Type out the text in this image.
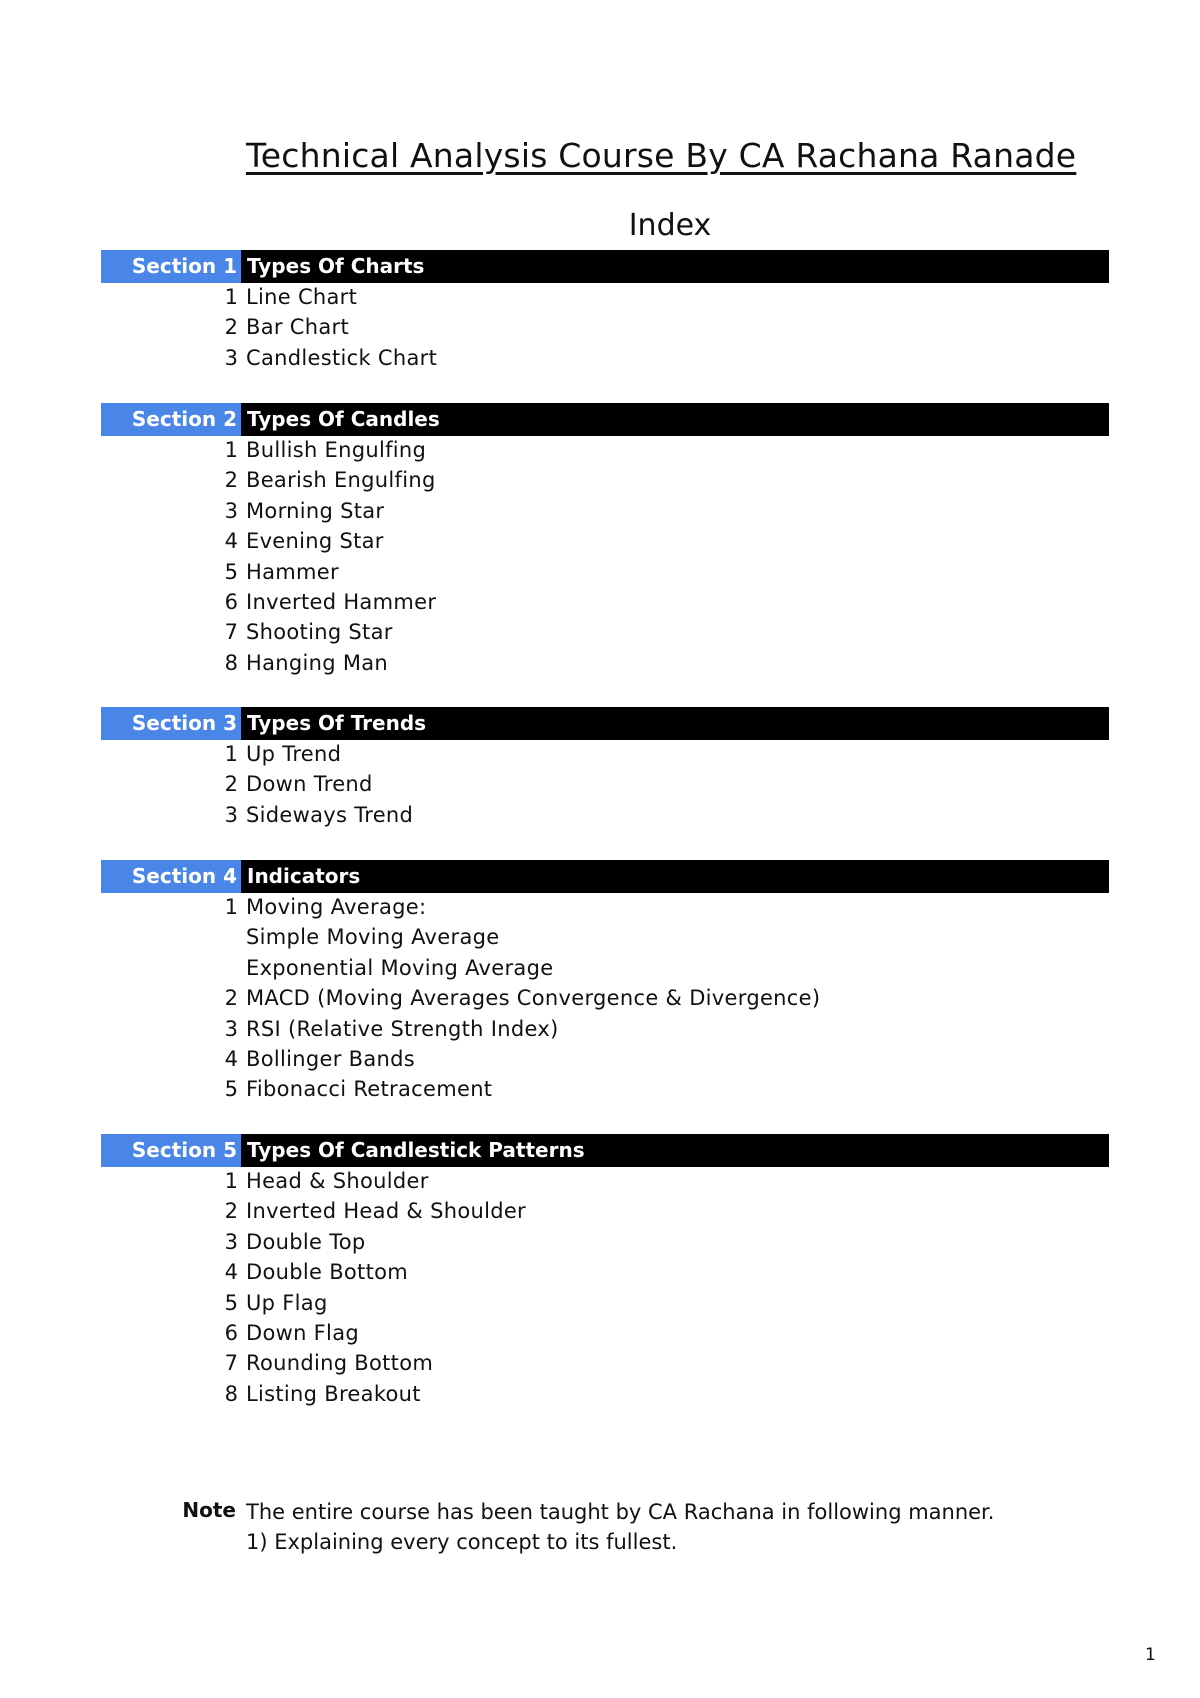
Technical Analysis Course By CA Rachana Ranade
Index
Section 1 Types Of Charts
1 Line Chart
2 Bar Chart
3 Candlestick Chart
Section 2 Types Of Candles
1 Bullish Engulfing
2 Bearish Engulfing
3 Morning Star
4 Evening Star
5 Hammer
6 Inverted Hammer
7 Shooting Star
8 Hanging Man
Section 3 Types Of Trends
1 Up Trend
2 Down Trend
3 Sideways Trend
Section 4 Indicators
1 Moving Average:
Simple Moving Average
Exponential Moving Average
2 MACD (Moving Averages Convergence & Divergence)
3 RSI (Relative Strength Index)
4 Bollinger Bands
5 Fibonacci Retracement
Section 5 Types Of Candlestick Patterns
1 Head & Shoulder
2 Inverted Head & Shoulder
3 Double Top
4 Double Bottom
5 Up Flag
6 Down Flag
7 Rounding Bottom
8 Listing Breakout
Note The entire course has been taught by CA Rachana in following manner.
1) Explaining every concept to its fullest.
1
